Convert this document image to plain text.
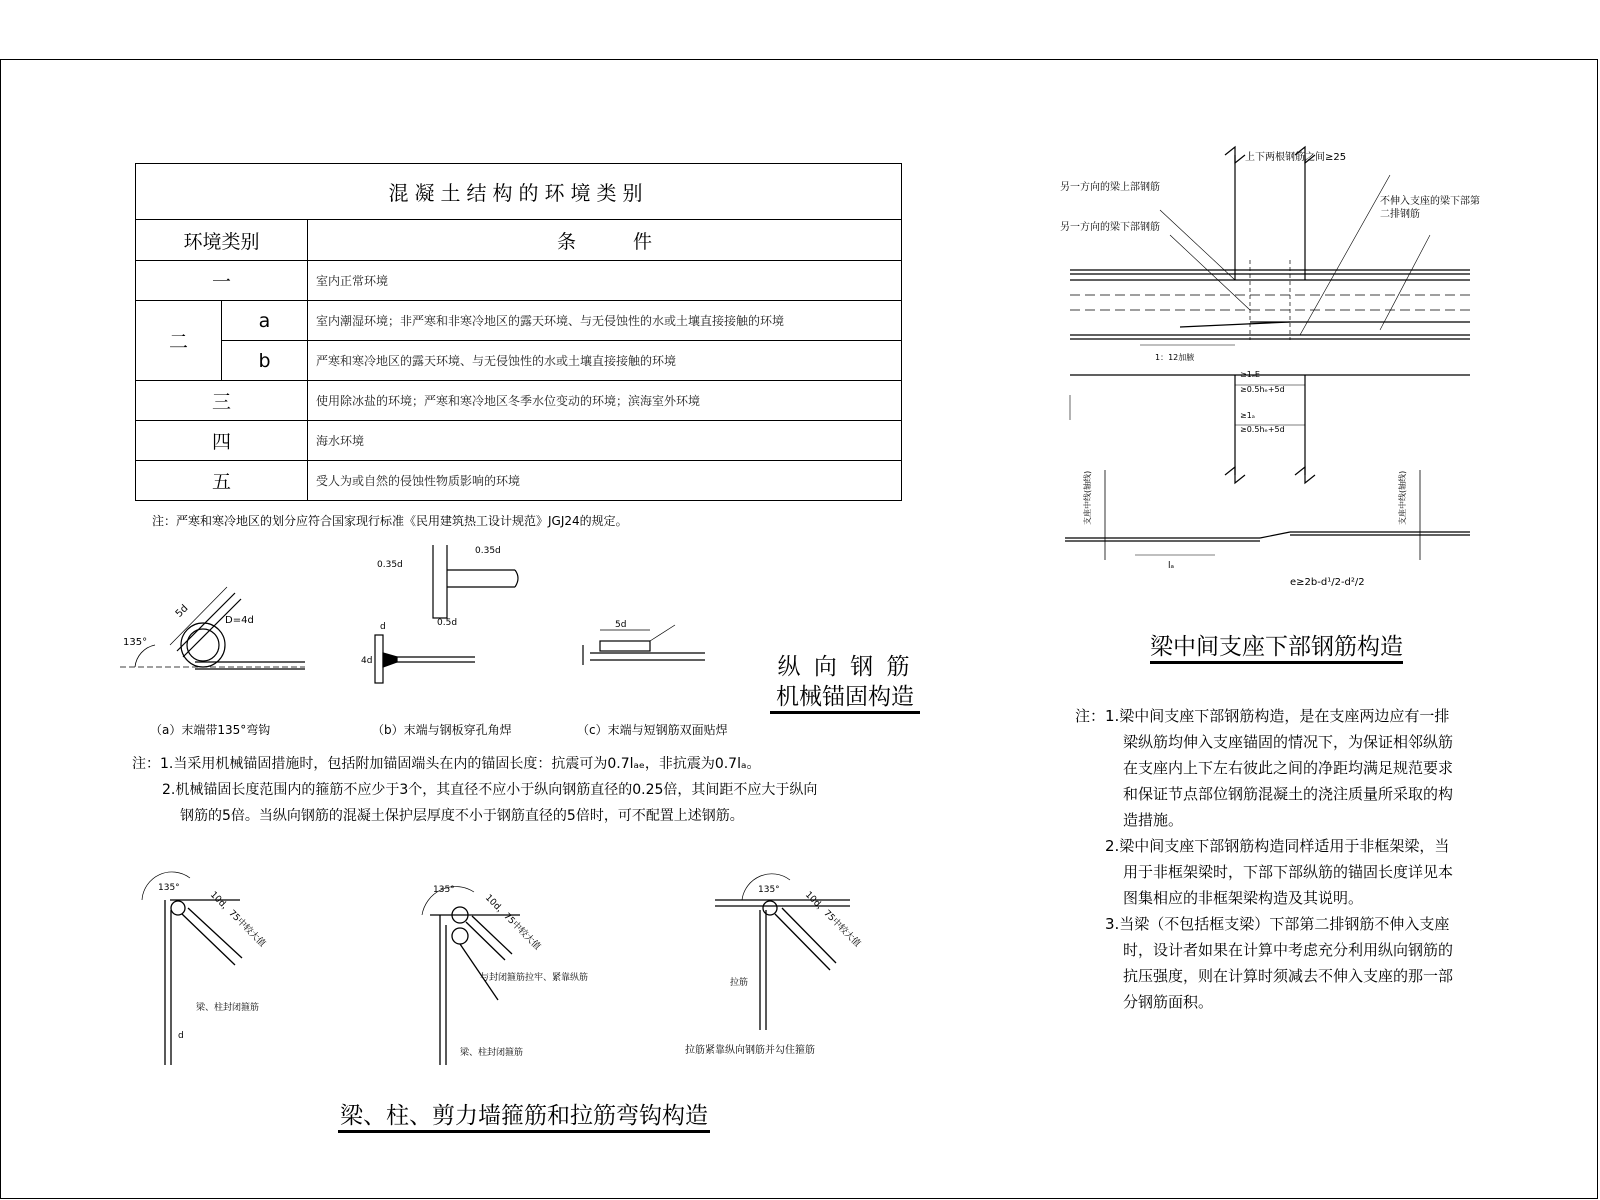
混凝土结构的环境类别		
环境类别		条　　　件
一		室内正常环境
二	a	室内潮湿环境；非严寒和非寒冷地区的露天环境、与无侵蚀性的水或土壤直接接触的环境
	b	严寒和寒冷地区的露天环境、与无侵蚀性的水或土壤直接接触的环境
三		使用除冰盐的环境；严寒和寒冷地区冬季水位变动的环境；滨海室外环境
四		海水环境
五		受人为或自然的侵蚀性物质影响的环境
注：严寒和寒冷地区的划分应符合国家现行标准《民用建筑热工设计规范》JGJ24的规定。
5d
D=4d
135°
0.35d
0.35d
0.5d
d
4d
5d
（a）末端带135°弯钩	（b）末端与钢板穿孔角焊	（c）末端与短钢筋双面贴焊
纵 向 钢 筋
机械锚固构造
注：1.当采用机械锚固措施时，包括附加锚固端头在内的锚固长度：抗震可为0.7lₐₑ，非抗震为0.7lₐ。
2.机械锚固长度范围内的箍筋不应少于3个，其直径不应小于纵向钢筋直径的0.25倍，其间距不应大于纵向
钢筋的5倍。当纵向钢筋的混凝土保护层厚度不小于钢筋直径的5倍时，可不配置上述钢筋。
135°
10d，75中较大值
梁、柱封闭箍筋
d
135°
10d，75中较大值
与封闭箍筋拉牢、紧靠纵筋
梁、柱封闭箍筋
135°
10d，75中较大值
拉筋
拉筋紧靠纵向钢筋并勾住箍筋
梁、柱、剪力墙箍筋和拉筋弯钩构造
上下两根钢筋之间≥25
另一方向的梁上部钢筋
另一方向的梁下部钢筋
不伸入支座的梁下部第二排钢筋
1：12加腋
≥1ₐE
≥0.5hₑ+5d
≥1ₐ
≥0.5hₑ+5d
支座中线(轴线)	支座中线(轴线)
lₐ
e≥2b-d¹/2-d²/2
梁中间支座下部钢筋构造
注：1.梁中间支座下部钢筋构造，是在支座两边应有一排
梁纵筋均伸入支座锚固的情况下，为保证相邻纵筋
在支座内上下左右彼此之间的净距均满足规范要求
和保证节点部位钢筋混凝土的浇注质量所采取的构
造措施。
2.梁中间支座下部钢筋构造同样适用于非框架梁，当
用于非框架梁时，下部下部纵筋的锚固长度详见本
图集相应的非框架梁构造及其说明。
3.当梁（不包括框支梁）下部第二排钢筋不伸入支座
时，设计者如果在计算中考虑充分利用纵向钢筋的
抗压强度，则在计算时须减去不伸入支座的那一部
分钢筋面积。
